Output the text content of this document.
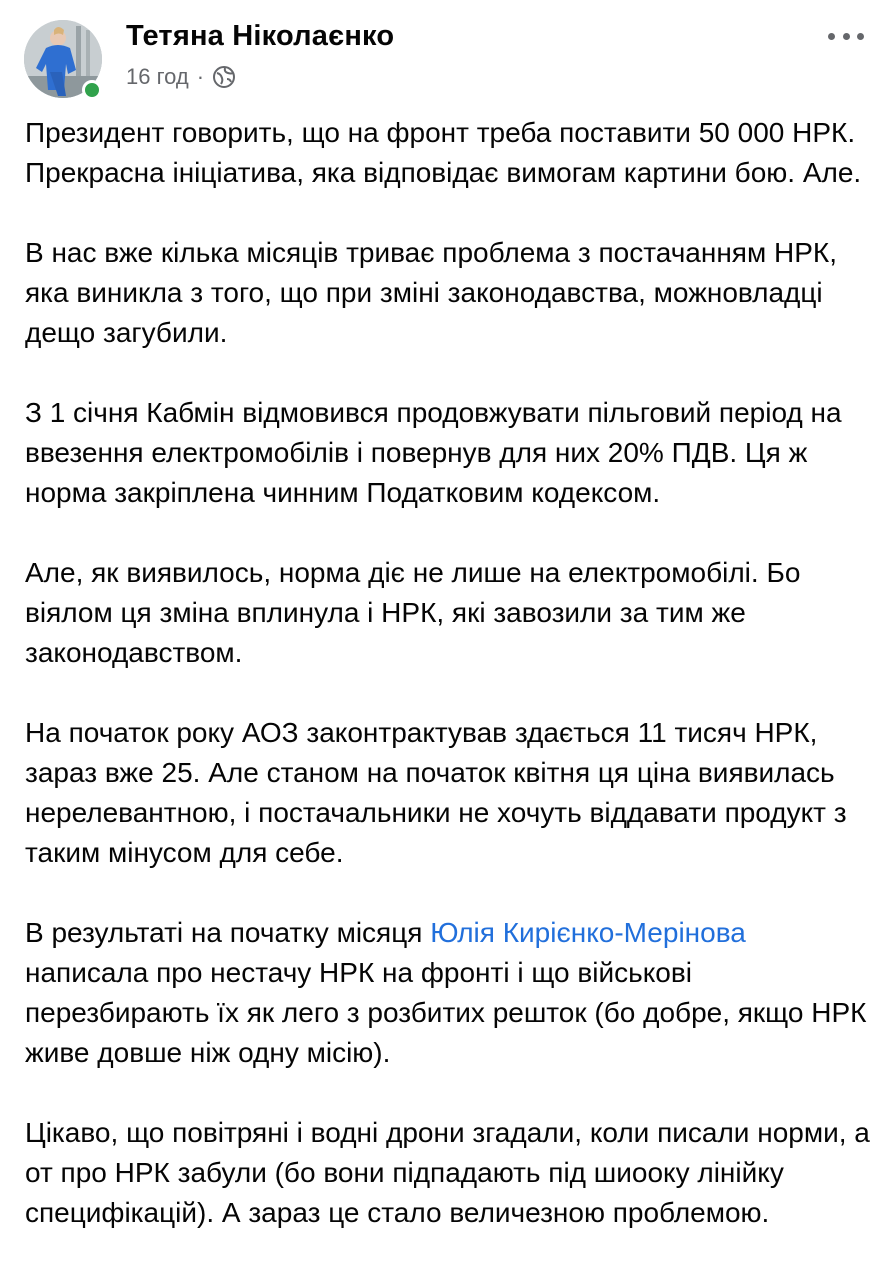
Тетяна Ніколаєнко
16 год ·

Президент говорить, що на фронт треба поставити 50 000 НРК. Прекрасна ініціатива, яка відповідає вимогам картини бою. Але.

В нас вже кілька місяців триває проблема з постачанням НРК, яка виникла з того, що при зміні законодавства, можновладці дещо загубили.

З 1 січня Кабмін відмовився продовжувати пільговий період на ввезення електромобілів і повернув для них 20% ПДВ. Ця ж норма закріплена чинним Податковим кодексом.

Але, як виявилось, норма діє не лише на електромобілі. Бо віялом ця зміна вплинула і НРК, які завозили за тим же законодавством.

На початок року АОЗ законтрактував здається 11 тисяч НРК, зараз вже 25. Але станом на початок квітня ця ціна виявилась нерелевантною, і постачальники не хочуть віддавати продукт з таким мінусом для себе.

В результаті на початку місяця Юлія Кирієнко-Мерінова написала про нестачу НРК на фронті і що військові перезбирають їх як лего з розбитих решток (бо добре, якщо НРК живе довше ніж одну місію).

Цікаво, що повітряні і водні дрони згадали, коли писали норми, а от про НРК забули (бо вони підпадають під шиооку лінійку специфікацій). А зараз це стало величезною проблемою.
